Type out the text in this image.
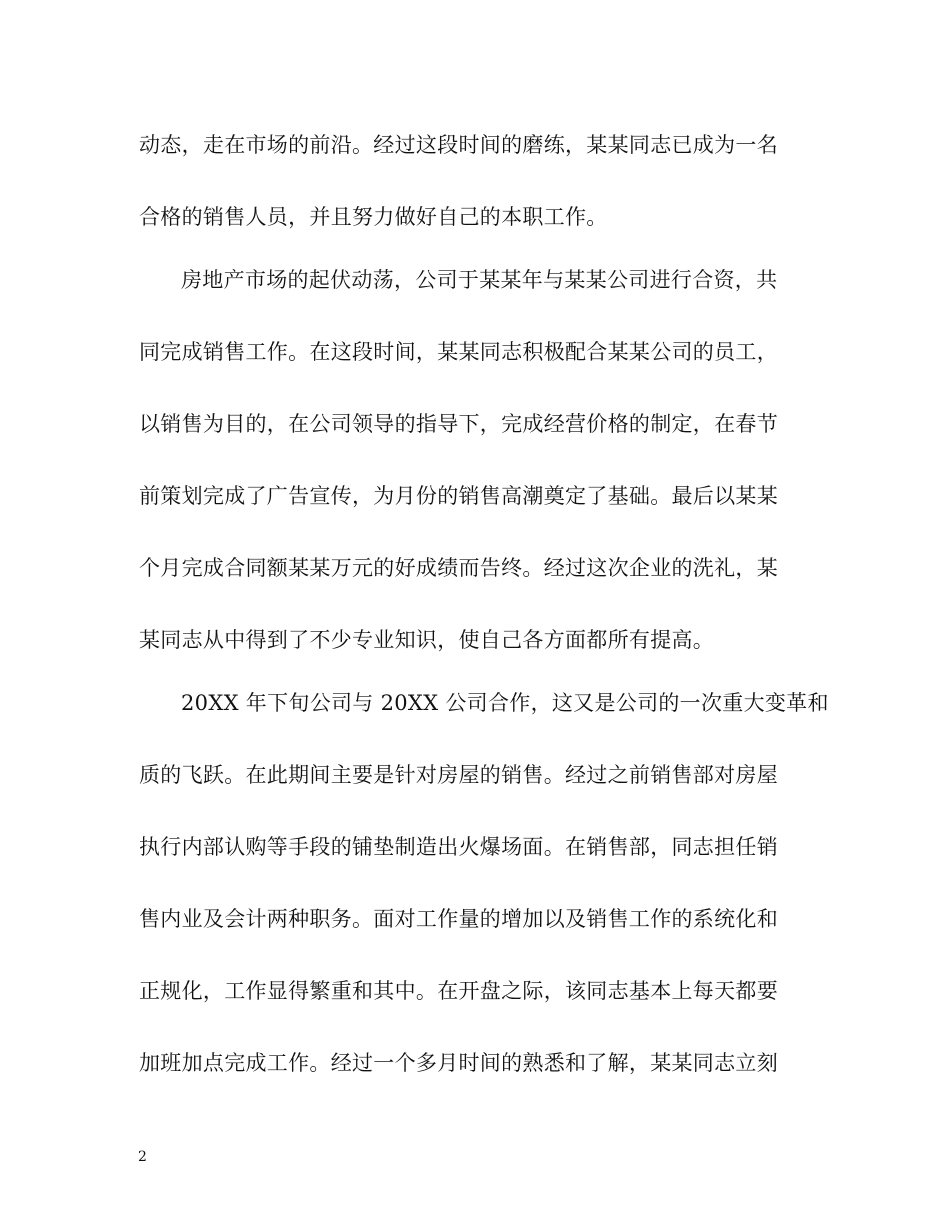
动态，走在市场的前沿。经过这段时间的磨练，某某同志已成为一名
合格的销售人员，并且努力做好自己的本职工作。
房地产市场的起伏动荡，公司于某某年与某某公司进行合资，共
同完成销售工作。在这段时间，某某同志积极配合某某公司的员工，
以销售为目的，在公司领导的指导下，完成经营价格的制定，在春节
前策划完成了广告宣传，为月份的销售高潮奠定了基础。最后以某某
个月完成合同额某某万元的好成绩而告终。经过这次企业的洗礼，某
某同志从中得到了不少专业知识，使自己各方面都所有提高。
20XX 年下旬公司与 20XX 公司合作，这又是公司的一次重大变革和
质的飞跃。在此期间主要是针对房屋的销售。经过之前销售部对房屋
执行内部认购等手段的铺垫制造出火爆场面。在销售部，同志担任销
售内业及会计两种职务。面对工作量的增加以及销售工作的系统化和
正规化，工作显得繁重和其中。在开盘之际，该同志基本上每天都要
加班加点完成工作。经过一个多月时间的熟悉和了解，某某同志立刻
2
